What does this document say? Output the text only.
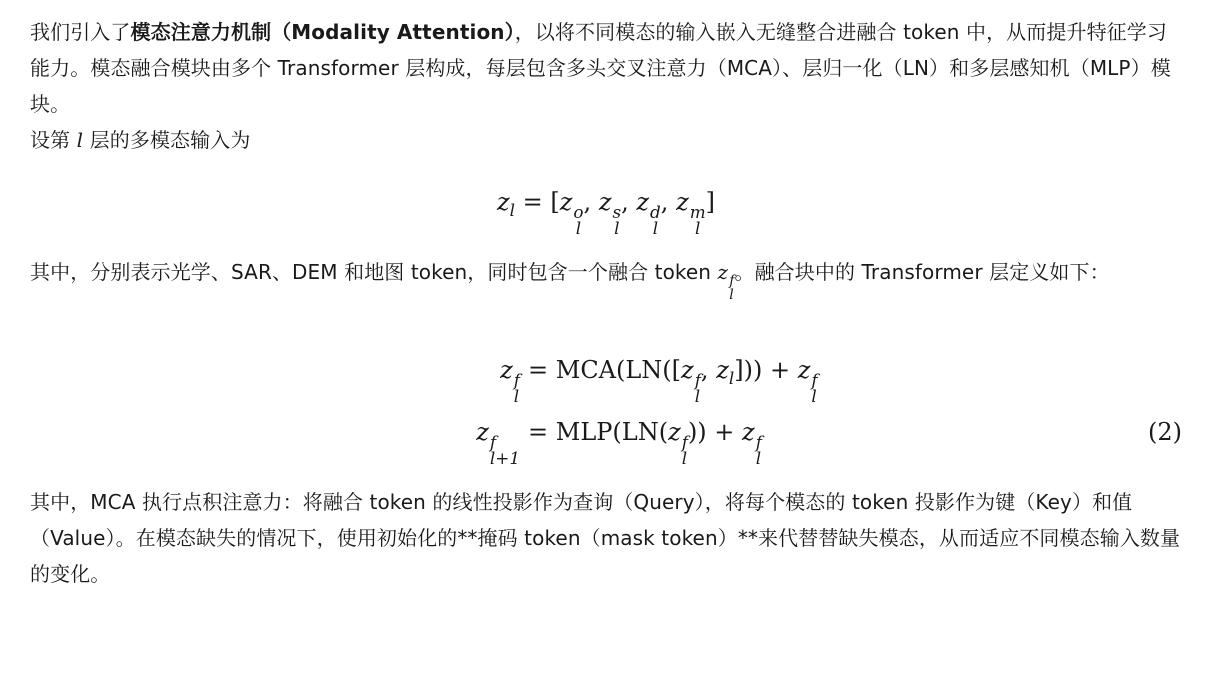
我们引入了模态注意力机制（Modality Attention），以将不同模态的输入嵌入无缝整合进融合 token 中，从而提升特征学习能力。模态融合模块由多个 Transformer 层构成，每层包含多头交叉注意力（MCA）、层归一化（LN）和多层感知机（MLP）模块。

设第 l 层的多模态输入为

$z_l = [z$ o
l
, z s
l
, z d
l
, z m
l
]

其中，分别表示光学、SAR、DEM 和地图 token，同时包含一个融合 token z f
l
。融合块中的 Transformer 层定义如下：

z f
l
= MCA(LN([z f
l
, $z_l])) + z$ f
l
z f
l+1
= MLP(LN(z f
l
)) + z f
l
(2)

其中，MCA 执行点积注意力：将融合 token 的线性投影作为查询（Query），将每个模态的 token 投影作为键（Key）和值（Value）。在模态缺失的情况下，使用初始化的**掩码 token（mask token）**来代替替缺失模态，从而适应不同模态输入数量的变化。
